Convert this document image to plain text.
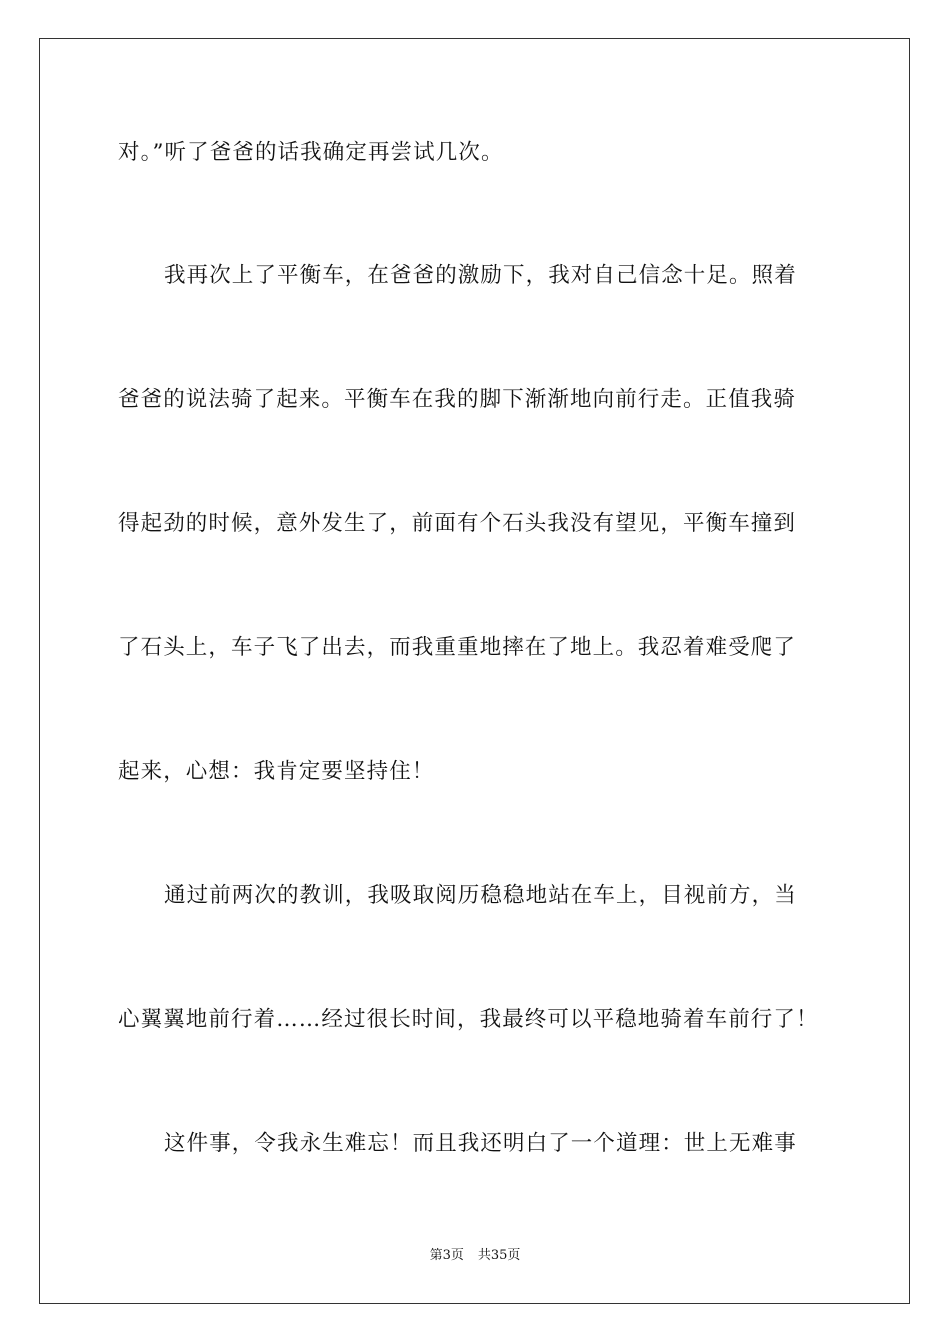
对。”听了爸爸的话我确定再尝试几次。
我再次上了平衡车，在爸爸的激励下，我对自己信念十足。照着
爸爸的说法骑了起来。平衡车在我的脚下渐渐地向前行走。正值我骑
得起劲的时候，意外发生了，前面有个石头我没有望见，平衡车撞到
了石头上，车子飞了出去，而我重重地摔在了地上。我忍着难受爬了
起来，心想：我肯定要坚持住！
通过前两次的教训，我吸取阅历稳稳地站在车上，目视前方，当
心翼翼地前行着……经过很长时间，我最终可以平稳地骑着车前行了！
这件事，令我永生难忘！而且我还明白了一个道理：世上无难事
第3页 共35页
